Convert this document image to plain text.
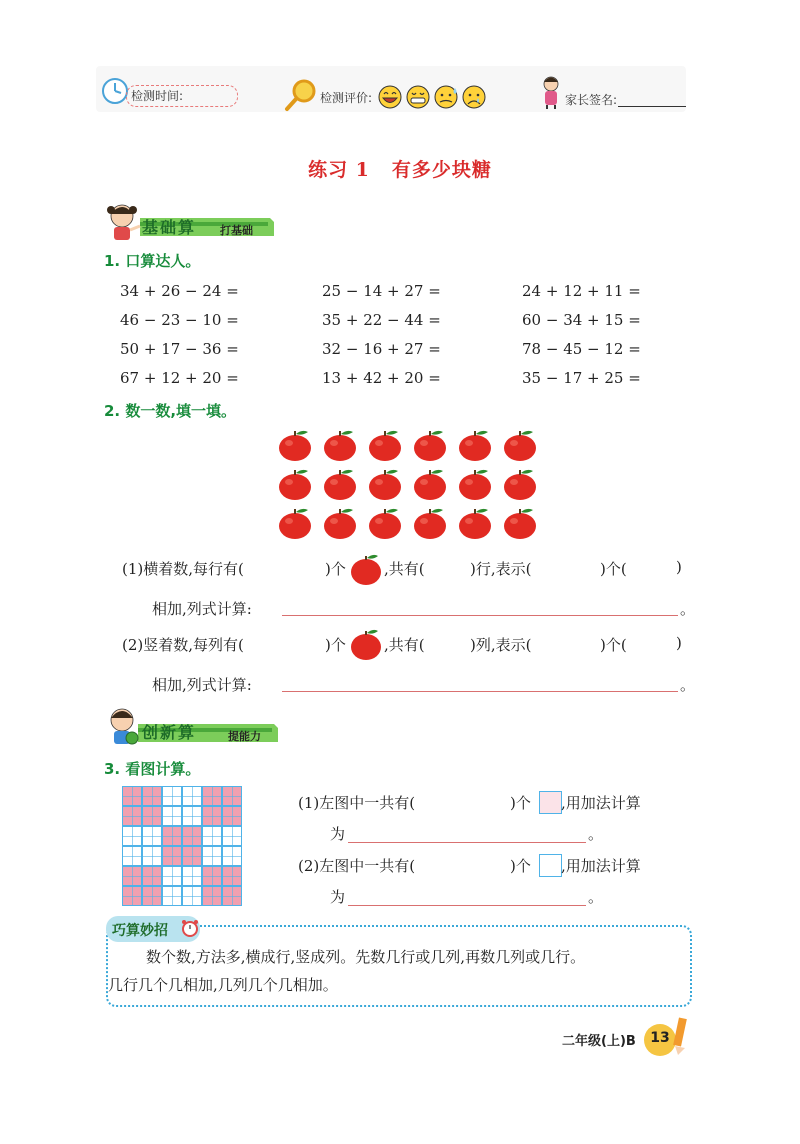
检测时间:	检测评价:	家长签名:
练习 1 有多少块糖
基础算 打基础
1. 口算达人。
34 + 26 − 24 =	25 − 14 + 27 =	24 + 12 + 11 =
46 − 23 − 10 =	35 + 22 − 44 =	60 − 34 + 15 =
50 + 17 − 36 =	32 − 16 + 27 =	78 − 45 − 12 =
67 + 12 + 20 =	13 + 42 + 20 =	35 − 17 + 25 =
2. 数一数,填一填。
(1)横着数,每行有(	)个	,共有(	)行,表示(	)个(	)
相加,列式计算:	。
(2)竖着数,每列有(	)个	,共有(	)列,表示(	)个(	)
相加,列式计算:	。
创新算	提能力
3. 看图计算。
(1)左图中一共有(	)个 ,用加法计算
为	。
(2)左图中一共有(	)个 ,用加法计算
为	。
巧算妙招
数个数,方法多,横成行,竖成列。先数几行或几列,再数几列或几行。
几行几个几相加,几列几个几相加。
二年级(上)B	13
